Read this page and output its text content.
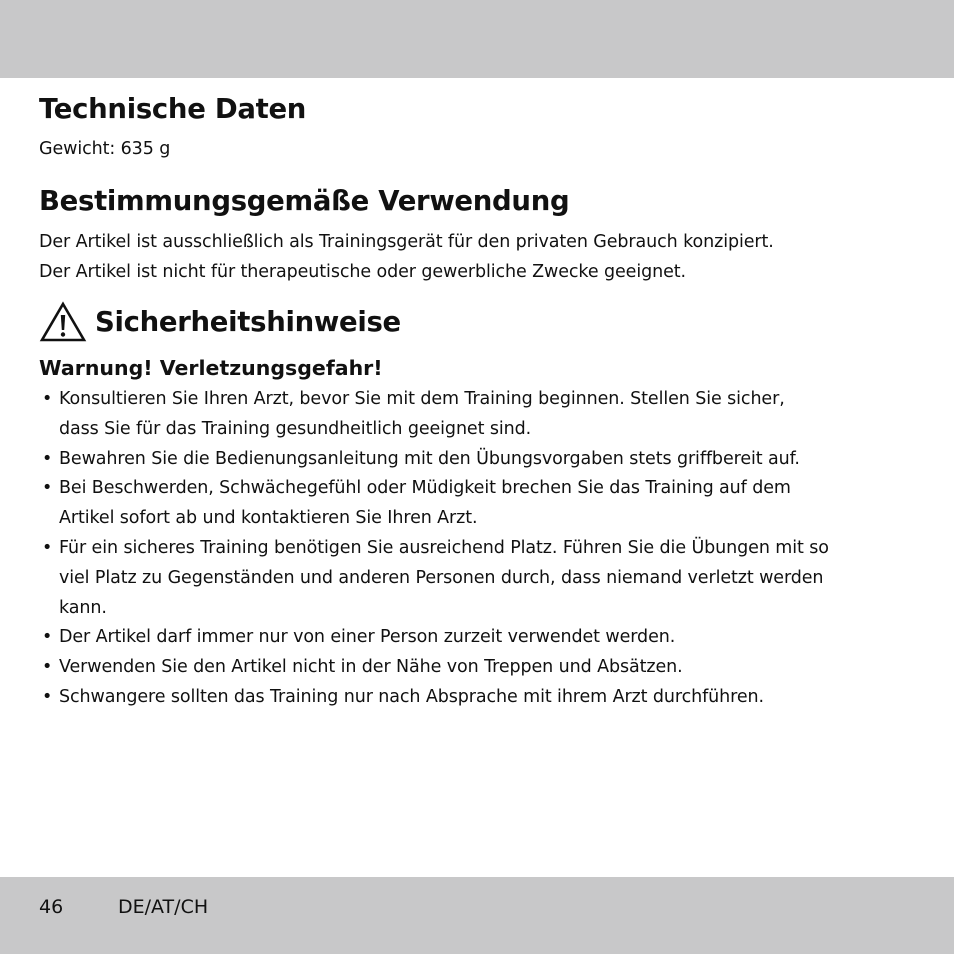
Technische Daten
Gewicht: 635 g
Bestimmungsgemäße Verwendung
Der Artikel ist ausschließlich als Trainingsgerät für den privaten Gebrauch konzipiert.
Der Artikel ist nicht für therapeutische oder gewerbliche Zwecke geeignet.
Sicherheitshinweise
Warnung! Verletzungsgefahr!
• Konsultieren Sie Ihren Arzt, bevor Sie mit dem Training beginnen. Stellen Sie sicher,
dass Sie für das Training gesundheitlich geeignet sind.
• Bewahren Sie die Bedienungsanleitung mit den Übungsvorgaben stets griffbereit auf.
• Bei Beschwerden, Schwächegefühl oder Müdigkeit brechen Sie das Training auf dem
Artikel sofort ab und kontaktieren Sie Ihren Arzt.
• Für ein sicheres Training benötigen Sie ausreichend Platz. Führen Sie die Übungen mit so
viel Platz zu Gegenständen und anderen Personen durch, dass niemand verletzt werden
kann.
• Der Artikel darf immer nur von einer Person zurzeit verwendet werden.
• Verwenden Sie den Artikel nicht in der Nähe von Treppen und Absätzen.
• Schwangere sollten das Training nur nach Absprache mit ihrem Arzt durchführen.
46	DE/AT/CH
